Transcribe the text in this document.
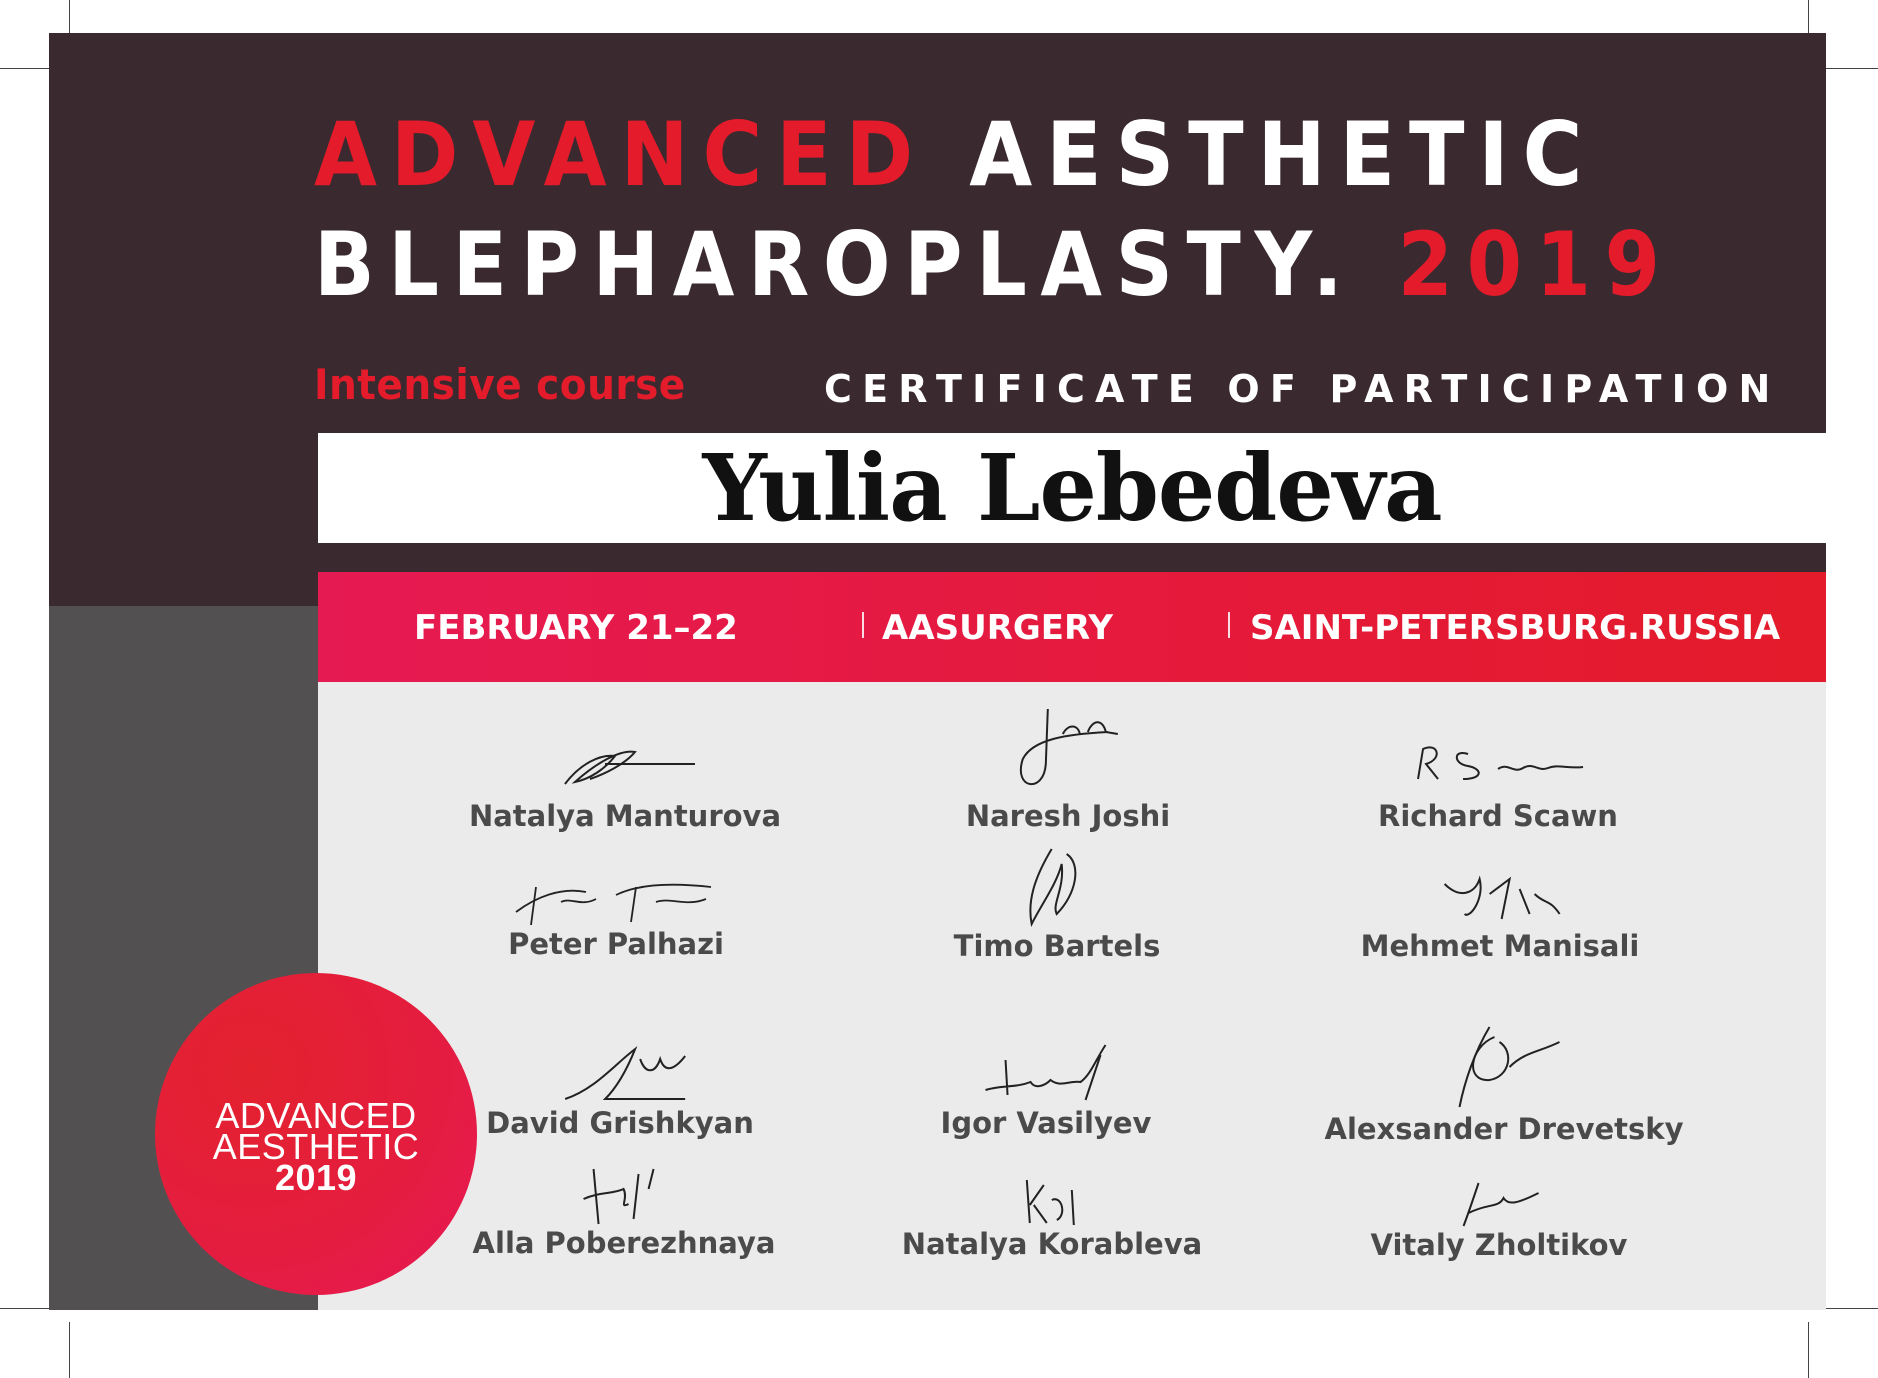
ADVANCED AESTHETIC
BLEPHAROPLASTY. 2019
Intensive course	CERTIFICATE OF PARTICIPATION
Yulia Lebedeva
FEBRUARY 21–22	AASURGERY	SAINT-PETERSBURG.RUSSIA
Natalya Manturova	Naresh Joshi	Richard Scawn
Peter Palhazi	Timo Bartels	Mehmet Manisali
David Grishkyan	Igor Vasilyev	Alexsander Drevetsky
Alla Poberezhnaya	Natalya Korableva	Vitaly Zholtikov
ADVANCED
AESTHETIC
2019
